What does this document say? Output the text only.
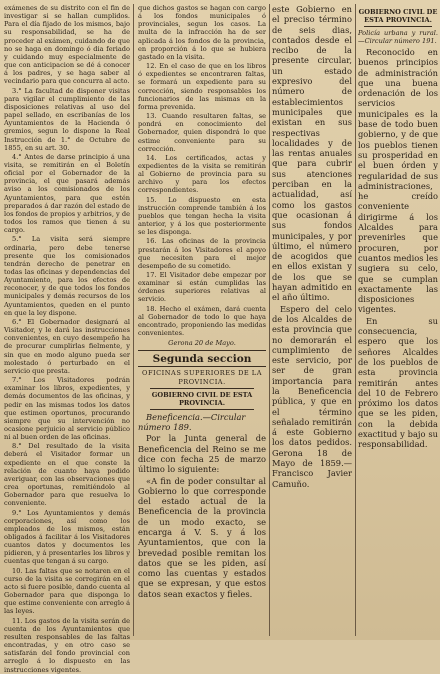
exámenes de su distrito con el fin de investigar si se hallan cumplidos. Para el día fijado de los mismos, bajo su responsabilidad, se ha de proceder al exámen, cuidando de que no se haga en domingo ó dia feriado y cuidando muy especialmente de que con anticipacion se dé á conocer á los padres, y se haga saber al vecindario para que concurra al acto.

3.° La facultad de disponer visitas para vigilar el cumplimiento de las disposiciones relativas al uso del papel sellado, en escribanías de los Ayuntamientos de la Hacienda ó gremios, segun lo dispone la Real Instrucción de 1.° de Octubre de 1855, en su art. 30.

4.° Antes de darse principio á una visita, se remitirán en el Boletín oficial por el Gobernador de la provincia, el que pasará además aviso a los comisionados de los Ayuntamientos, para que estén preparados á dar razón del estado de los fondos de propios y arbitrios, y de todos los ramos que tienen á su cargo.

5.° La visita será siempre ordinaria, pero debe tenerse presente que los comisionados tendrán derecho de penetrar en todas las oficinas y dependencias del Ayuntamiento, para los efectos de reconocer, y de que todos los fondos municipales y demás recursos de los Ayuntamientos, queden en el punto en que la ley dispone.

6.° El Gobernador designará al Visitador, y le dará las instrucciones convenientes, en cuyo desempeño ha de procurar cumplirlas fielmente, y sin que en modo alguno pueda ser molestado ó perturbado en el servicio que presta.

7.° Los Visitadores podrán examinar los libros, expedientes, y demás documentos de las oficinas, y pedir en las mismas todos los datos que estimen oportunos, procurando siempre que su intervención no ocasione perjuicio al servicio público ni al buen orden de las oficinas.

8.° Del resultado de la visita deberá el Visitador formar un expediente en el que conste la relación de cuanto haya podido averiguar, con las observaciones que crea oportunas, remitiéndolo al Gobernador para que resuelva lo conveniente.

9.° Los Ayuntamientos y demás corporaciones, así como los empleados de los mismos, están obligados á facilitar á los Visitadores cuantos datos y documentos les pidieren, y á presentarles los libros y cuentas que tengan á su cargo.

10. Las faltas que se notaren en el curso de la visita se corregirán en el acto si fuere posible, dando cuenta al Gobernador para que disponga lo que estime conveniente con arreglo á las leyes.

11. Los gastos de la visita serán de cuenta de los Ayuntamientos que resulten responsables de las faltas encontradas, y en otro caso se satisfarán del fondo provincial con arreglo á lo dispuesto en las instrucciones vigentes.

que dichos gastos se hagan con cargo á los fondos municipales ó provinciales, segun los casos. La multa de la infracción ha de ser aplicada á los fondos de la provincia, en proporción á lo que se hubiera gastado en la visita.

12. En el caso de que en los libros ó expedientes se encontraren faltas, se formará un expediente para su corrección, siendo responsables los funcionarios de las mismas en la forma prevenida.

13. Cuando resultaren faltas, se pondrá en conocimiento del Gobernador, quien dispondrá lo que estime conveniente para su corrección.

14. Los certificados, actas y expedientes de la visita se remitirán al Gobierno de provincia para su archivo y para los efectos correspondientes.

15. Lo dispuesto en esta instrucción comprende también á los pueblos que tengan hecha la visita anterior, y á los que posteriormente se les disponga.

16. Las oficinas de la provincia prestarán á los Visitadores el apoyo que necesiten para el mejor desempeño de su cometido.

17. El Visitador debe empezar por examinar si están cumplidas las órdenes superiores relativas al servicio.

18. Hecho el exámen, dará cuenta al Gobernador de todo lo que haya encontrado, proponiendo las medidas convenientes.

Gerona 20 de Mayo.
Segunda seccion
OFICINAS SUPERIORES DE LA PROVINCIA.
GOBIERNO CIVIL DE ESTA PROVINCIA.

Beneficencia.—Circular número 189.

Por la Junta general de Beneficencia del Reino se me dice con fecha 25 de marzo último lo siguiente:

«A fin de poder consultar al Gobierno lo que corresponde del estado actual de la Beneficencia de la provincia de un modo exacto, se encarga á V. S. y á los Ayuntamientos, que con la brevedad posible remitan los datos que se les piden, así como las cuentas y estados que se expresan, y que estos datos sean exactos y fieles.

este Gobierno en el preciso término de seis dias, contados desde el recibo de la presente circular, un estado expresivo del número de establecimientos municipales que existan en sus respectivas localidades y de las rentas anuales que para cubrir sus atenciones perciban en la actualidad, así como los gastos que ocasionan á sus fondos municipales, y por último, el número de acogidos que en ellos existan y de los que se hayan admitido en el año último.

Espero del celo de los Alcaldes de esta provincia que no demorarán el cumplimiento de este servicio, por ser de gran importancia para la Beneficencia pública, y que en el término señalado remitirán á este Gobierno los datos pedidos. Gerona 18 de Mayo de 1859.—Francisco Javier Camuño.

GOBIERNO CIVIL DE ESTA PROVINCIA.

Policía urbana y rural.—Circular número 191.

Reconocido en buenos principios de administración que una buena ordenación de los servicios municipales es la base de todo buen gobierno, y de que los pueblos tienen su prosperidad en el buen órden y regularidad de sus administraciones, he creído conveniente dirigirme á los Alcaldes para prevenirles que procuren, por cuantos medios les sugiera su celo, que se cumplan exactamente las disposiciones vigentes.

En su consecuencia, espero que los señores Alcaldes de los pueblos de esta provincia remitirán antes del 10 de Febrero próximo los datos que se les piden, con la debida exactitud y bajo su responsabilidad.
